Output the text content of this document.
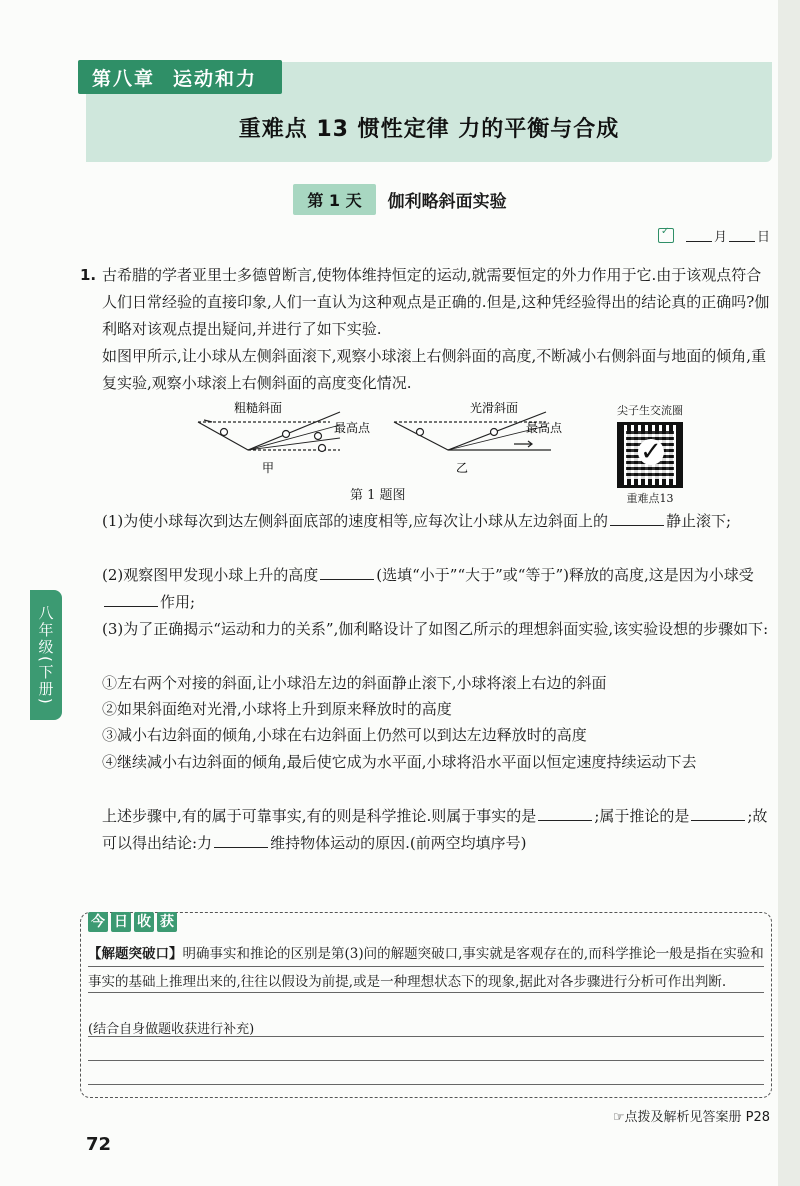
第八章 运动和力
重难点 13 惯性定律 力的平衡与合成
第 1 天	伽利略斜面实验
✓
月 日
1. 古希腊的学者亚里士多德曾断言,使物体维持恒定的运动,就需要恒定的外力作用于它.由于该观点符合人们日常经验的直接印象,人们一直认为这种观点是正确的.但是,这种凭经验得出的结论真的正确吗?伽利略对该观点提出疑问,并进行了如下实验.
如图甲所示,让小球从左侧斜面滚下,观察小球滚上右侧斜面的高度,不断减小右侧斜面与地面的倾角,重复实验,观察小球滚上右侧斜面的高度变化情况.
粗糙斜面
最高点
甲
光滑斜面
最高点
乙
第 1 题图
尖子生交流圈
✓
重难点13
(1)为使小球每次到达左侧斜面底部的速度相等,应每次让小球从左边斜面上的	静止滚下;
(2)观察图甲发现小球上升的高度	(选填“小于”“大于”或“等于”)释放的高度,这是因为小球受作用;
(3)为了正确揭示“运动和力的关系”,伽利略设计了如图乙所示的理想斜面实验,该实验设想的步骤如下:
①左右两个对接的斜面,让小球沿左边的斜面静止滚下,小球将滚上右边的斜面
②如果斜面绝对光滑,小球将上升到原来释放时的高度
③减小右边斜面的倾角,小球在右边斜面上仍然可以到达左边释放时的高度
④继续减小右边斜面的倾角,最后使它成为水平面,小球将沿水平面以恒定速度持续运动下去
上述步骤中,有的属于可靠事实,有的则是科学推论.则属于事实的是	;属于推论的是	;故可以得出结论:力	维持物体运动的原因.(前两空均填序号)
八年级(下册)
今 日 收 获
【解题突破口】明确事实和推论的区别是第(3)问的解题突破口,事实就是客观存在的,而科学推论一般是指在实验和事实的基础上推理出来的,往往以假设为前提,或是一种理想状态下的现象,据此对各步骤进行分析可作出判断.
(结合自身做题收获进行补充)
☞点拨及解析见答案册 P28
72
